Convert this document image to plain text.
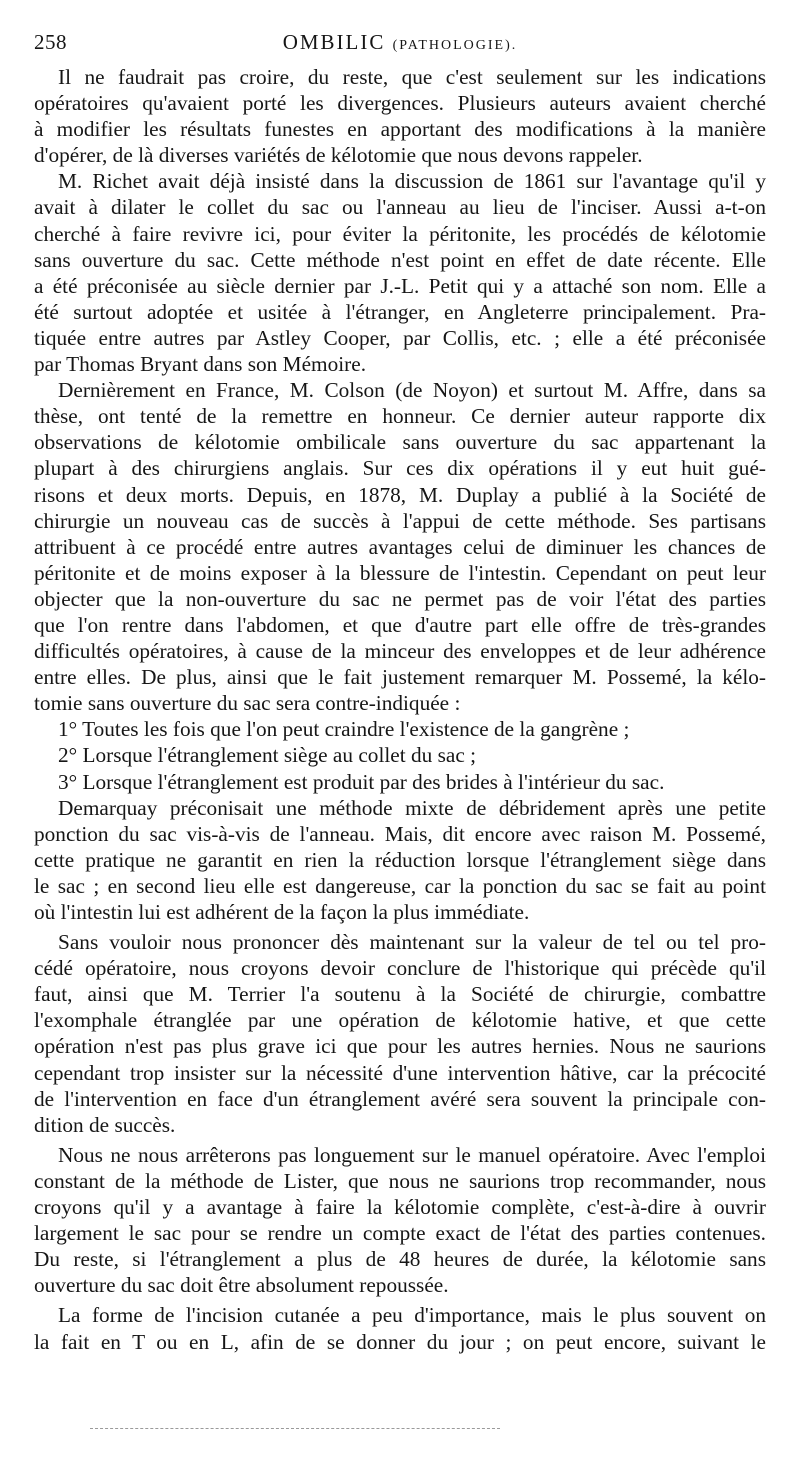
258	OMBILIC (PATHOLOGIE).
Il ne faudrait pas croire, du reste, que c'est seulement sur les indications
opératoires qu'avaient porté les divergences. Plusieurs auteurs avaient cherché
à modifier les résultats funestes en apportant des modifications à la manière
d'opérer, de là diverses variétés de kélotomie que nous devons rappeler.
M. Richet avait déjà insisté dans la discussion de 1861 sur l'avantage qu'il y
avait à dilater le collet du sac ou l'anneau au lieu de l'inciser. Aussi a-t-on
cherché à faire revivre ici, pour éviter la péritonite, les procédés de kélotomie
sans ouverture du sac. Cette méthode n'est point en effet de date récente. Elle
a été préconisée au siècle dernier par J.-L. Petit qui y a attaché son nom. Elle a
été surtout adoptée et usitée à l'étranger, en Angleterre principalement. Pra-
tiquée entre autres par Astley Cooper, par Collis, etc. ; elle a été préconisée
par Thomas Bryant dans son Mémoire.
Dernièrement en France, M. Colson (de Noyon) et surtout M. Affre, dans sa
thèse, ont tenté de la remettre en honneur. Ce dernier auteur rapporte dix
observations de kélotomie ombilicale sans ouverture du sac appartenant la
plupart à des chirurgiens anglais. Sur ces dix opérations il y eut huit gué-
risons et deux morts. Depuis, en 1878, M. Duplay a publié à la Société de
chirurgie un nouveau cas de succès à l'appui de cette méthode. Ses partisans
attribuent à ce procédé entre autres avantages celui de diminuer les chances de
péritonite et de moins exposer à la blessure de l'intestin. Cependant on peut leur
objecter que la non-ouverture du sac ne permet pas de voir l'état des parties
que l'on rentre dans l'abdomen, et que d'autre part elle offre de très-grandes
difficultés opératoires, à cause de la minceur des enveloppes et de leur adhérence
entre elles. De plus, ainsi que le fait justement remarquer M. Possemé, la kélo-
tomie sans ouverture du sac sera contre-indiquée :
1° Toutes les fois que l'on peut craindre l'existence de la gangrène ;
2° Lorsque l'étranglement siège au collet du sac ;
3° Lorsque l'étranglement est produit par des brides à l'intérieur du sac.
Demarquay préconisait une méthode mixte de débridement après une petite
ponction du sac vis-à-vis de l'anneau. Mais, dit encore avec raison M. Possemé,
cette pratique ne garantit en rien la réduction lorsque l'étranglement siège dans
le sac ; en second lieu elle est dangereuse, car la ponction du sac se fait au point
où l'intestin lui est adhérent de la façon la plus immédiate.
Sans vouloir nous prononcer dès maintenant sur la valeur de tel ou tel pro-
cédé opératoire, nous croyons devoir conclure de l'historique qui précède qu'il
faut, ainsi que M. Terrier l'a soutenu à la Société de chirurgie, combattre
l'exomphale étranglée par une opération de kélotomie hative, et que cette
opération n'est pas plus grave ici que pour les autres hernies. Nous ne saurions
cependant trop insister sur la nécessité d'une intervention hâtive, car la précocité
de l'intervention en face d'un étranglement avéré sera souvent la principale con-
dition de succès.
Nous ne nous arrêterons pas longuement sur le manuel opératoire. Avec l'emploi
constant de la méthode de Lister, que nous ne saurions trop recommander, nous
croyons qu'il y a avantage à faire la kélotomie complète, c'est-à-dire à ouvrir
largement le sac pour se rendre un compte exact de l'état des parties contenues.
Du reste, si l'étranglement a plus de 48 heures de durée, la kélotomie sans
ouverture du sac doit être absolument repoussée.
La forme de l'incision cutanée a peu d'importance, mais le plus souvent on
la fait en T ou en L, afin de se donner du jour ; on peut encore, suivant le
